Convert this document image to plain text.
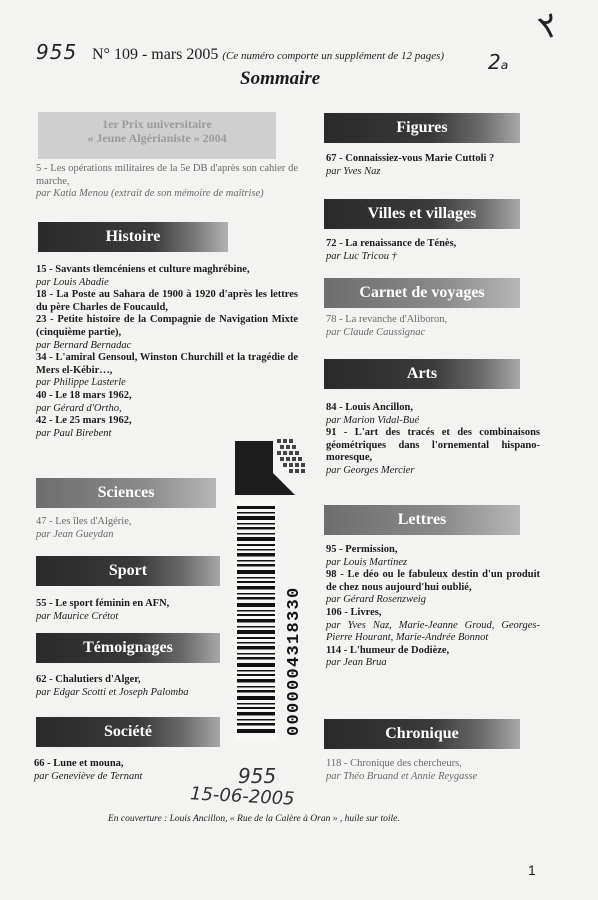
955
٢
2ₐ
N° 109 - mars 2005 (Ce numéro comporte un supplément de 12 pages)
Sommaire
1er Prix universitaire
« Jeune Algérianiste » 2004
5 - Les opérations militaires de la 5e DB d'après son cahier de marche,
par Katia Menou (extrait de son mémoire de maîtrise)
Histoire
15 - Savants tlemcéniens et culture maghrébine,
par Louis Abadie
18 - La Poste au Sahara de 1900 à 1920 d'après les lettres du père Charles de Foucauld,
23 - Petite histoire de la Compagnie de Navigation Mixte (cinquième partie),
par Bernard Bernadac
34 - L'amiral Gensoul, Winston Churchill et la tragédie de Mers el-Kébir…,
par Philippe Lasterle
40 - Le 18 mars 1962,
par Gérard d'Ortho,
42 - Le 25 mars 1962,
par Paul Birebent
Sciences
47 - Les îles d'Algérie,
par Jean Gueydan
Sport
55 - Le sport féminin en AFN,
par Maurice Crétot
Témoignages
62 - Chalutiers d'Alger,
par Edgar Scotti et Joseph Palomba
Société
66 - Lune et mouna,
par Geneviève de Ternant
Figures
67 - Connaissiez-vous Marie Cuttoli ?
par Yves Naz
Villes et villages
72 - La renaissance de Ténès,
par Luc Tricou †
Carnet de voyages
78 - La revanche d'Aliboron,
par Claude Caussignac
Arts
84 - Louis Ancillon,
par Marion Vidal-Bué
91 - L'art des tracés et des combinaisons géométriques dans l'ornemental hispano-moresque,
par Georges Mercier
Lettres
95 - Permission,
par Louis Martinez
98 - Le déo ou le fabuleux destin d'un produit de chez nous aujourd'hui oublié,
par Gérard Rosenzweig
106 - Livres,
par Yves Naz, Marie-Jeanne Groud, Georges-Pierre Hourant, Marie-Andrée Bonnot
114 - L'humeur de Dodièze,
par Jean Brua
Chronique
118 - Chronique des chercheurs,
par Théo Bruand et Annie Reygasse
0000004318330
955
15-06-2005
En couverture : Louis Ancillon, « Rue de la Calère à Oran » , huile sur toile.
1
